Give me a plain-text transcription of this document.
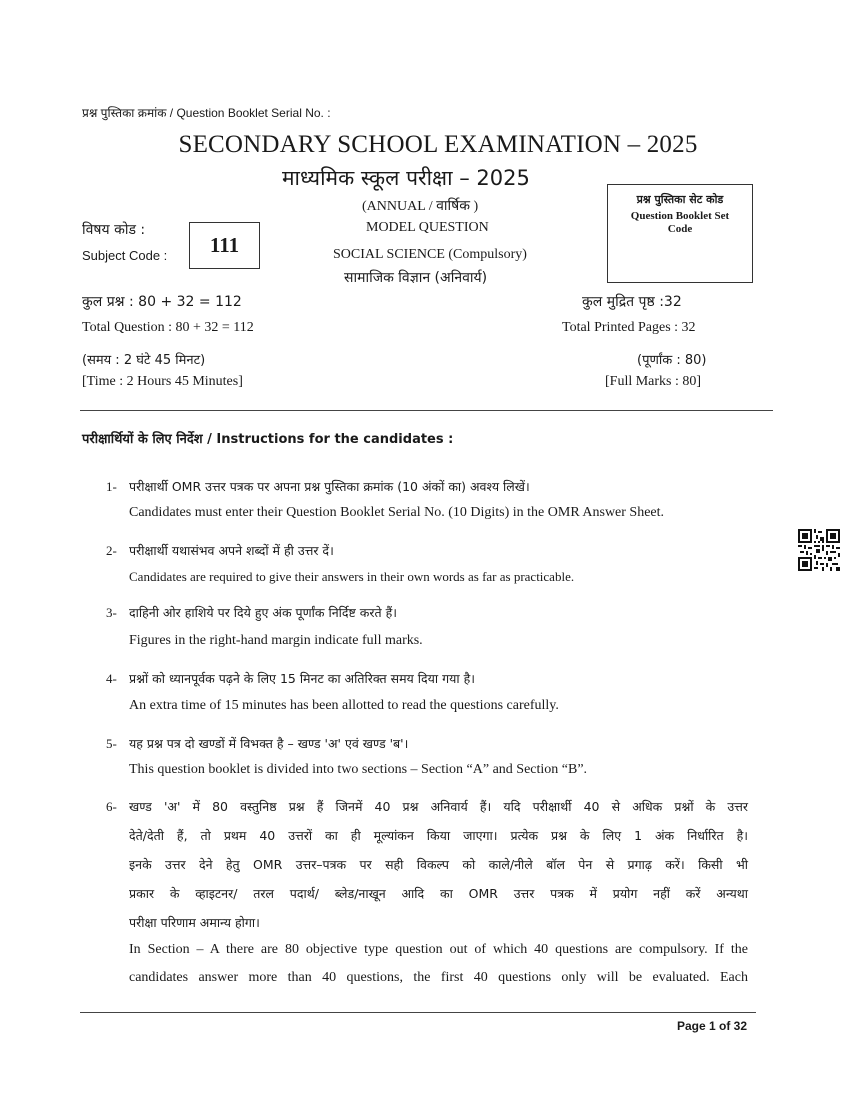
प्रश्न पुस्तिका क्रमांक / Question Booklet Serial No. :
SECONDARY SCHOOL EXAMINATION – 2025
माध्यमिक स्कूल परीक्षा – 2025
(ANNUAL / वार्षिक )
MODEL QUESTION
SOCIAL SCIENCE (Compulsory)
सामाजिक विज्ञान (अनिवार्य)
विषय कोड :
Subject Code :	111
प्रश्न पुस्तिका सेट कोड
Question Booklet Set Code
कुल प्रश्न : 80 + 32 = 112
Total Question : 80 + 32 = 112
(समय : 2 घंटे 45 मिनट)
[Time : 2 Hours 45 Minutes]
कुल मुद्रित पृष्ठ :32
Total Printed Pages : 32
(पूर्णांक : 80)
[Full Marks : 80]
परीक्षार्थियों के लिए निर्देश / Instructions for the candidates :
1- परीक्षार्थी OMR उत्तर पत्रक पर अपना प्रश्न पुस्तिका क्रमांक (10 अंकों का) अवश्य लिखें।
Candidates must enter their Question Booklet Serial No. (10 Digits) in the OMR Answer Sheet.
2- परीक्षार्थी यथासंभव अपने शब्दों में ही उत्तर दें।
Candidates are required to give their answers in their own words as far as practicable.
3- दाहिनी ओर हाशिये पर दिये हुए अंक पूर्णांक निर्दिष्ट करते हैं।
Figures in the right-hand margin indicate full marks.
4- प्रश्नों को ध्यानपूर्वक पढ़ने के लिए 15 मिनट का अतिरिक्त समय दिया गया है।
An extra time of 15 minutes has been allotted to read the questions carefully.
5- यह प्रश्न पत्र दो खण्डों में विभक्त है – खण्ड 'अ' एवं खण्ड 'ब'।
This question booklet is divided into two sections – Section “A” and Section “B”.
6- खण्ड 'अ' में 80 वस्तुनिष्ठ प्रश्न हैं जिनमें 40 प्रश्न अनिवार्य हैं। यदि परीक्षार्थी 40 से अधिक प्रश्नों के उत्तर
देते/देती हैं, तो प्रथम 40 उत्तरों का ही मूल्यांकन किया जाएगा। प्रत्येक प्रश्न के लिए 1 अंक निर्धारित है।
इनके उत्तर देने हेतु OMR उत्तर–पत्रक पर सही विकल्प को काले/नीले बॉल पेन से प्रगाढ़ करें। किसी भी
प्रकार के व्हाइटनर/ तरल पदार्थ/ ब्लेड/नाखून आदि का OMR उत्तर पत्रक में प्रयोग नहीं करें अन्यथा
परीक्षा परिणाम अमान्य होगा।
In Section – A there are 80 objective type question out of which 40 questions are compulsory. If the
candidates answer more than 40 questions, the first 40 questions only will be evaluated. Each
Page 1 of 32
